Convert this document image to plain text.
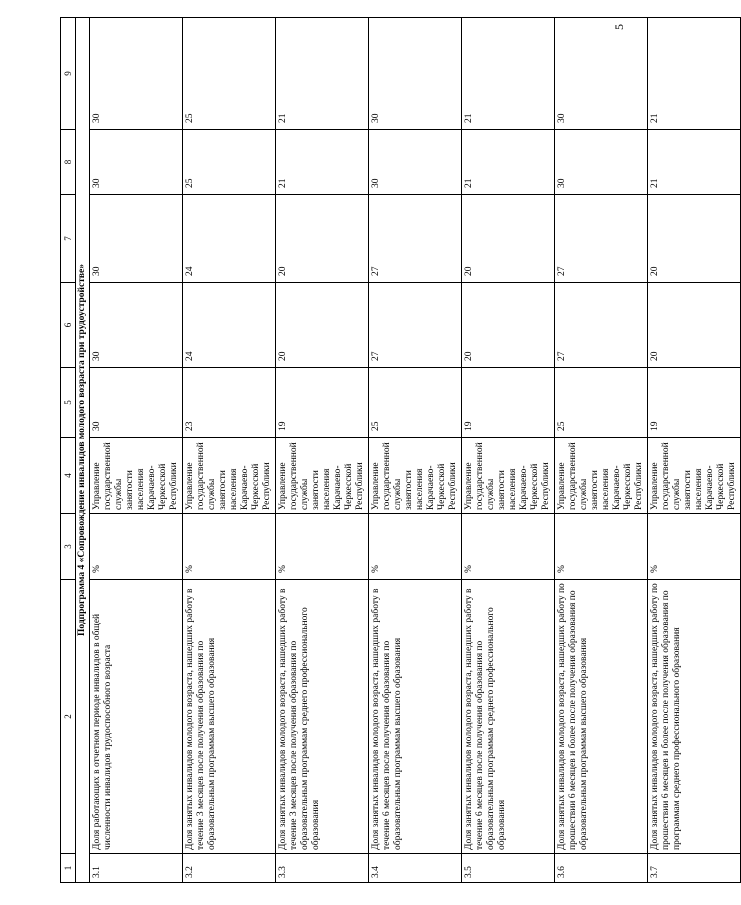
5
1	2	3	4	5	6	7	8	9
Подпрограмма 4 «Сопровождение инвалидов молодого возраста при трудоустройстве»								
3.1	Доля работающих в отчетном периоде инвалидов в общей численности инвалидов трудоспособного возраста	%	Управление государственной службы занятости населения Карачаево-Черкесской Республики	30	30	30	30	30
3.2	Доля занятых инвалидов молодого возраста, нашедших работу в течение 3 месяцев после получения образования по образовательным программам высшего образования	%	Управление государственной службы занятости населения Карачаево-Черкесской Республики	23	24	24	25	25
3.3	Доля занятых инвалидов молодого возраста, нашедших работу в течение 3 месяцев после получения образования по образовательным программам среднего профессионального образования	%	Управление государственной службы занятости населения Карачаево-Черкесской Республики	19	20	20	21	21
3.4	Доля занятых инвалидов молодого возраста, нашедших работу в течение 6 месяцев после получения образования по образовательным программам высшего образования	%	Управление государственной службы занятости населения Карачаево-Черкесской Республики	25	27	27	30	30
3.5	Доля занятых инвалидов молодого возраста, нашедших работу в течение 6 месяцев после получения образования по образовательным программам среднего профессионального образования	%	Управление государственной службы занятости населения Карачаево-Черкесской Республики	19	20	20	21	21
3.6	Доля занятых инвалидов молодого возраста, нашедших работу по прошествии 6 месяцев и более после получения образования по образовательным программам высшего образования	%	Управление государственной службы занятости населения Карачаево-Черкесской Республики	25	27	27	30	30
3.7	Доля занятых инвалидов молодого возраста, нашедших работу по прошествии 6 месяцев и более после получения образования по программам среднего профессионального образования	%	Управление государственной службы занятости населения Карачаево-Черкесской Республики	19	20	20	21	21
